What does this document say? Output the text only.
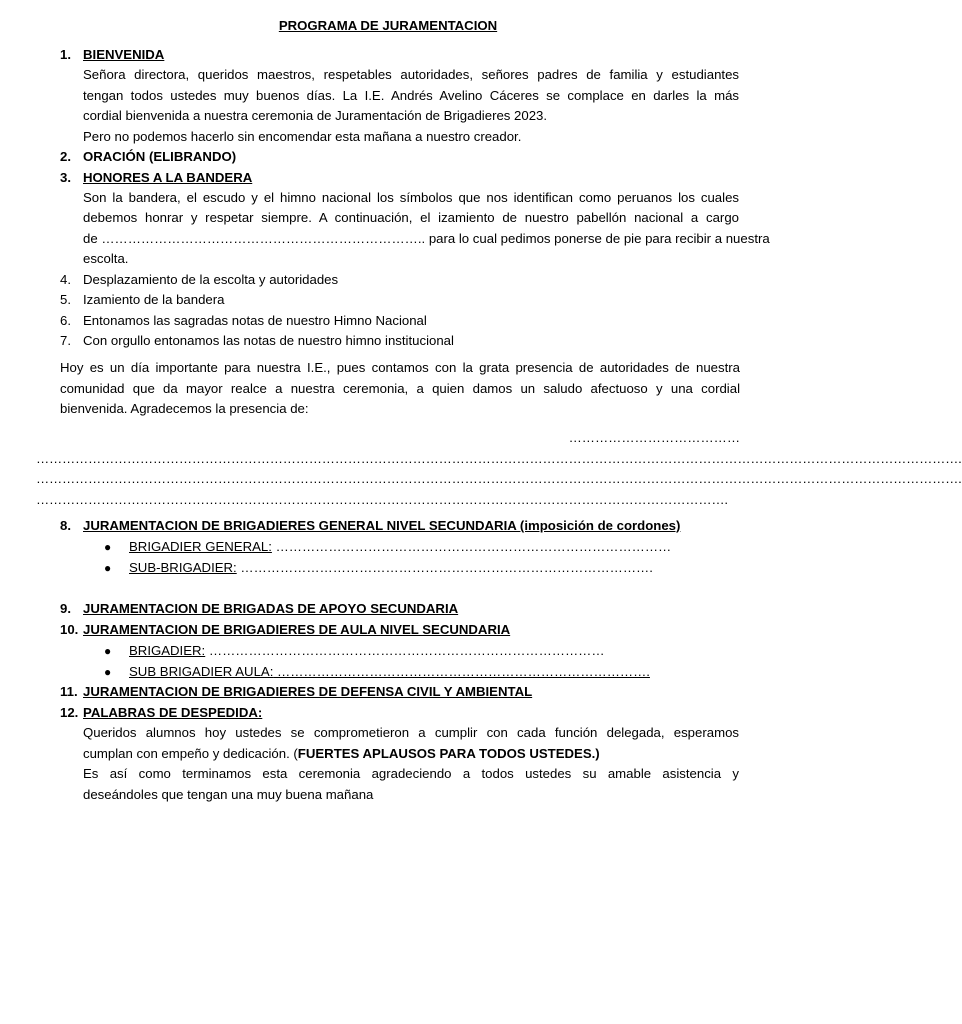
PROGRAMA DE JURAMENTACION
1. BIENVENIDA
Señora directora, queridos maestros, respetables autoridades, señores padres de familia y estudiantes
tengan todos ustedes muy buenos días. La I.E. Andrés Avelino Cáceres se complace en darles la más
cordial bienvenida a nuestra ceremonia de Juramentación de Brigadieres 2023.
Pero no podemos hacerlo sin encomendar esta mañana a nuestro creador.
2. ORACIÓN (ELIBRANDO)
3. HONORES A LA BANDERA
Son la bandera, el escudo y el himno nacional los símbolos que nos identifican como peruanos los cuales
debemos honrar y respetar siempre. A continuación, el izamiento de nuestro pabellón nacional a cargo
de ……………………………………………………………….. para lo cual pedimos ponerse de pie para recibir a nuestra
escolta.
4. Desplazamiento de la escolta y autoridades
5. Izamiento de la bandera
6. Entonamos las sagradas notas de nuestro Himno Nacional
7. Con orgullo entonamos las notas de nuestro himno institucional
Hoy es un día importante para nuestra I.E., pues contamos con la grata presencia de autoridades de nuestra
comunidad que da mayor realce a nuestra ceremonia, a quien damos un saludo afectuoso y una cordial
bienvenida. Agradecemos la presencia de:
…………………………………
…………………………………………………………………………………………………………………………………………………………………………………………….
…………………………………………………………………………………………………………………………………………………………………………………………….
…………………………………………………………………………………………………………………………………………….
8. JURAMENTACION DE BRIGADIERES GENERAL NIVEL SECUNDARIA (imposición de cordones)
● BRIGADIER GENERAL: ………………………………………………………………………………
● SUB-BRIGADIER: ………………………………………………………………………………….
9. JURAMENTACION DE BRIGADAS DE APOYO SECUNDARIA
10. JURAMENTACION DE BRIGADIERES DE AULA NIVEL SECUNDARIA
● BRIGADIER: ………………………………………………………………………………
● SUB BRIGADIER AULA: ………………………………………………………………………….
11. JURAMENTACION DE BRIGADIERES DE DEFENSA CIVIL Y AMBIENTAL
12. PALABRAS DE DESPEDIDA:
Queridos alumnos hoy ustedes se comprometieron a cumplir con cada función delegada, esperamos
cumplan con empeño y dedicación. (FUERTES APLAUSOS PARA TODOS USTEDES.)
Es así como terminamos esta ceremonia agradeciendo a todos ustedes su amable asistencia y
deseándoles que tengan una muy buena mañana
